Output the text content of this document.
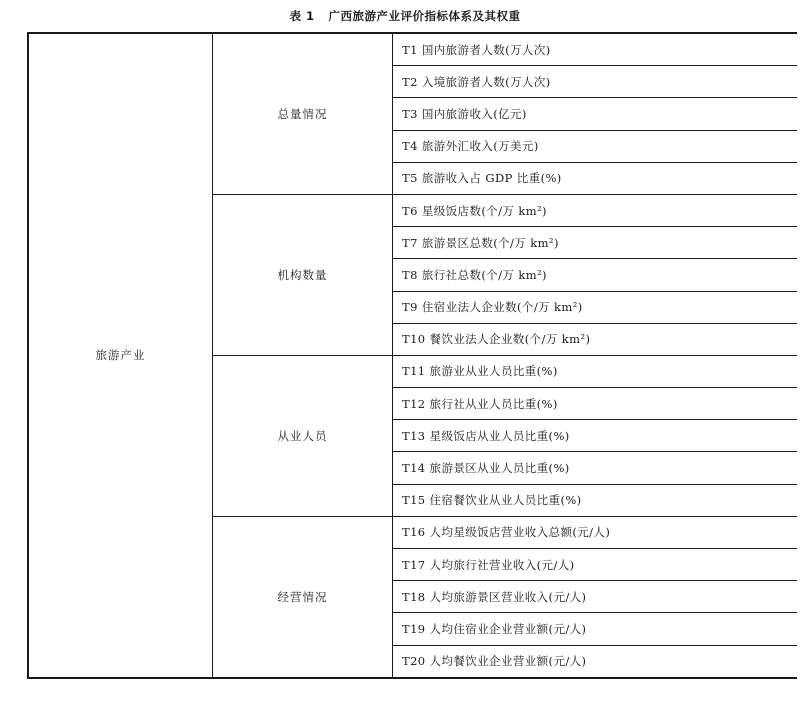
表 1 广西旅游产业评价指标体系及其权重
旅游产业	总量情况	T1 国内旅游者人数(万人次)
		T2 入境旅游者人数(万人次)
		T3 国内旅游收入(亿元)
		T4 旅游外汇收入(万美元)
		T5 旅游收入占 GDP 比重(%)
	机构数量	T6 星级饭店数(个/万 km²)
		T7 旅游景区总数(个/万 km²)
		T8 旅行社总数(个/万 km²)
		T9 住宿业法人企业数(个/万 km²)
		T10 餐饮业法人企业数(个/万 km²)
	从业人员	T11 旅游业从业人员比重(%)
		T12 旅行社从业人员比重(%)
		T13 星级饭店从业人员比重(%)
		T14 旅游景区从业人员比重(%)
		T15 住宿餐饮业从业人员比重(%)
	经营情况	T16 人均星级饭店营业收入总额(元/人)
		T17 人均旅行社营业收入(元/人)
		T18 人均旅游景区营业收入(元/人)
		T19 人均住宿业企业营业额(元/人)
		T20 人均餐饮业企业营业额(元/人)
